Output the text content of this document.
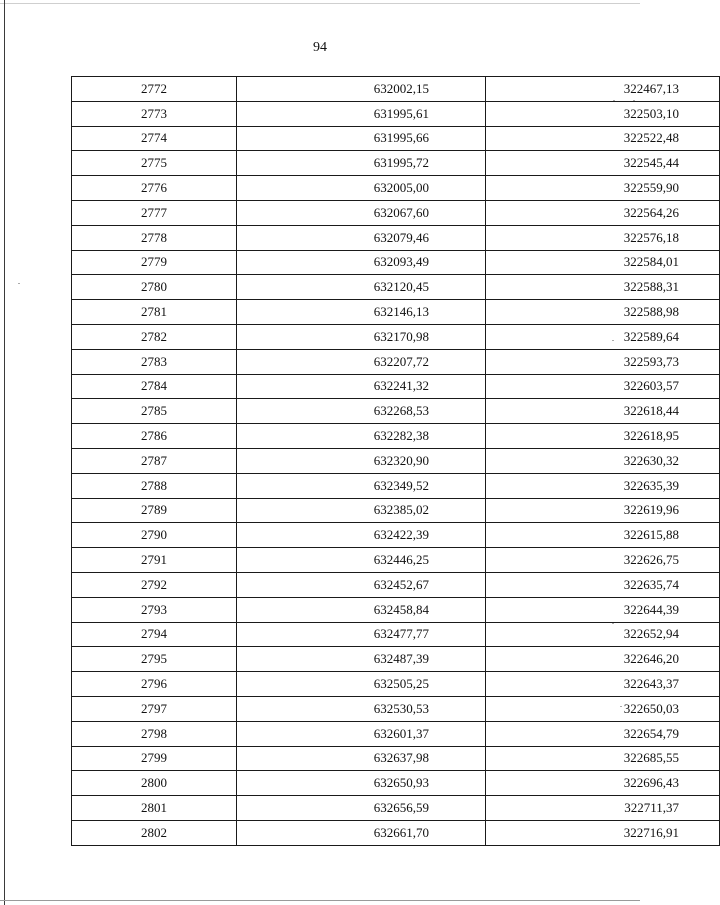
94
2772	632002,15	322467,13
2773	631995,61	322503,10
2774	631995,66	322522,48
2775	631995,72	322545,44
2776	632005,00	322559,90
2777	632067,60	322564,26
2778	632079,46	322576,18
2779	632093,49	322584,01
2780	632120,45	322588,31
2781	632146,13	322588,98
2782	632170,98	322589,64
2783	632207,72	322593,73
2784	632241,32	322603,57
2785	632268,53	322618,44
2786	632282,38	322618,95
2787	632320,90	322630,32
2788	632349,52	322635,39
2789	632385,02	322619,96
2790	632422,39	322615,88
2791	632446,25	322626,75
2792	632452,67	322635,74
2793	632458,84	322644,39
2794	632477,77	322652,94
2795	632487,39	322646,20
2796	632505,25	322643,37
2797	632530,53	322650,03
2798	632601,37	322654,79
2799	632637,98	322685,55
2800	632650,93	322696,43
2801	632656,59	322711,37
2802	632661,70	322716,91
